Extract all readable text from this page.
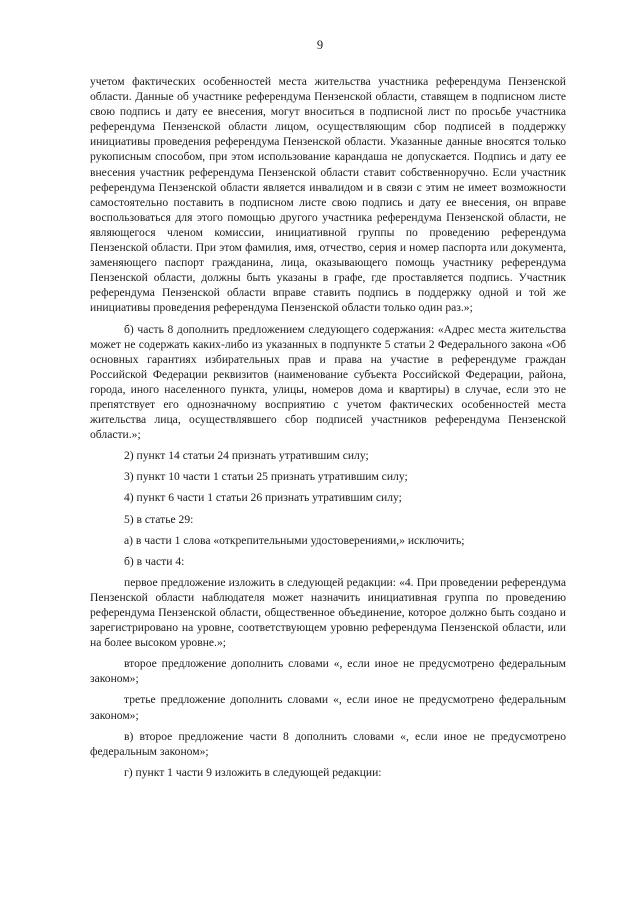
9

учетом фактических особенностей места жительства участника референдума Пензенской области. Данные об участнике референдума Пензенской области, ставящем в подписном листе свою подпись и дату ее внесения, могут вноситься в подписной лист по просьбе участника референдума Пензенской области лицом, осуществляющим сбор подписей в поддержку инициативы проведения референдума Пензенской области. Указанные данные вносятся только рукописным способом, при этом использование карандаша не допускается. Подпись и дату ее внесения участник референдума Пензенской области ставит собственноручно. Если участник референдума Пензенской области является инвалидом и в связи с этим не имеет возможности самостоятельно поставить в подписном листе свою подпись и дату ее внесения, он вправе воспользоваться для этого помощью другого участника референдума Пензенской области, не являющегося членом комиссии, инициативной группы по проведению референдума Пензенской области. При этом фамилия, имя, отчество, серия и номер паспорта или документа, заменяющего паспорт гражданина, лица, оказывающего помощь участнику референдума Пензенской области, должны быть указаны в графе, где проставляется подпись. Участник референдума Пензенской области вправе ставить подпись в поддержку одной и той же инициативы проведения референдума Пензенской области только один раз.»;

б) часть 8 дополнить предложением следующего содержания: «Адрес места жительства может не содержать каких-либо из указанных в подпункте 5 статьи 2 Федерального закона «Об основных гарантиях избирательных прав и права на участие в референдуме граждан Российской Федерации реквизитов (наименование субъекта Российской Федерации, района, города, иного населенного пункта, улицы, номеров дома и квартиры) в случае, если это не препятствует его однозначному восприятию с учетом фактических особенностей места жительства лица, осуществлявшего сбор подписей участников референдума Пензенской области.»;

2) пункт 14 статьи 24 признать утратившим силу;

3) пункт 10 части 1 статьи 25 признать утратившим силу;

4) пункт 6 части 1 статьи 26 признать утратившим силу;

5) в статье 29:

а) в части 1 слова «открепительными удостоверениями,» исключить;

б) в части 4:

первое предложение изложить в следующей редакции: «4. При проведении референдума Пензенской области наблюдателя может назначить инициативная группа по проведению референдума Пензенской области, общественное объединение, которое должно быть создано и зарегистрировано на уровне, соответствующем уровню референдума Пензенской области, или на более высоком уровне.»;

второе предложение дополнить словами «, если иное не предусмотрено федеральным законом»;

третье предложение дополнить словами «, если иное не предусмотрено федеральным законом»;

в) второе предложение части 8 дополнить словами «, если иное не предусмотрено федеральным законом»;

г) пункт 1 части 9 изложить в следующей редакции:
